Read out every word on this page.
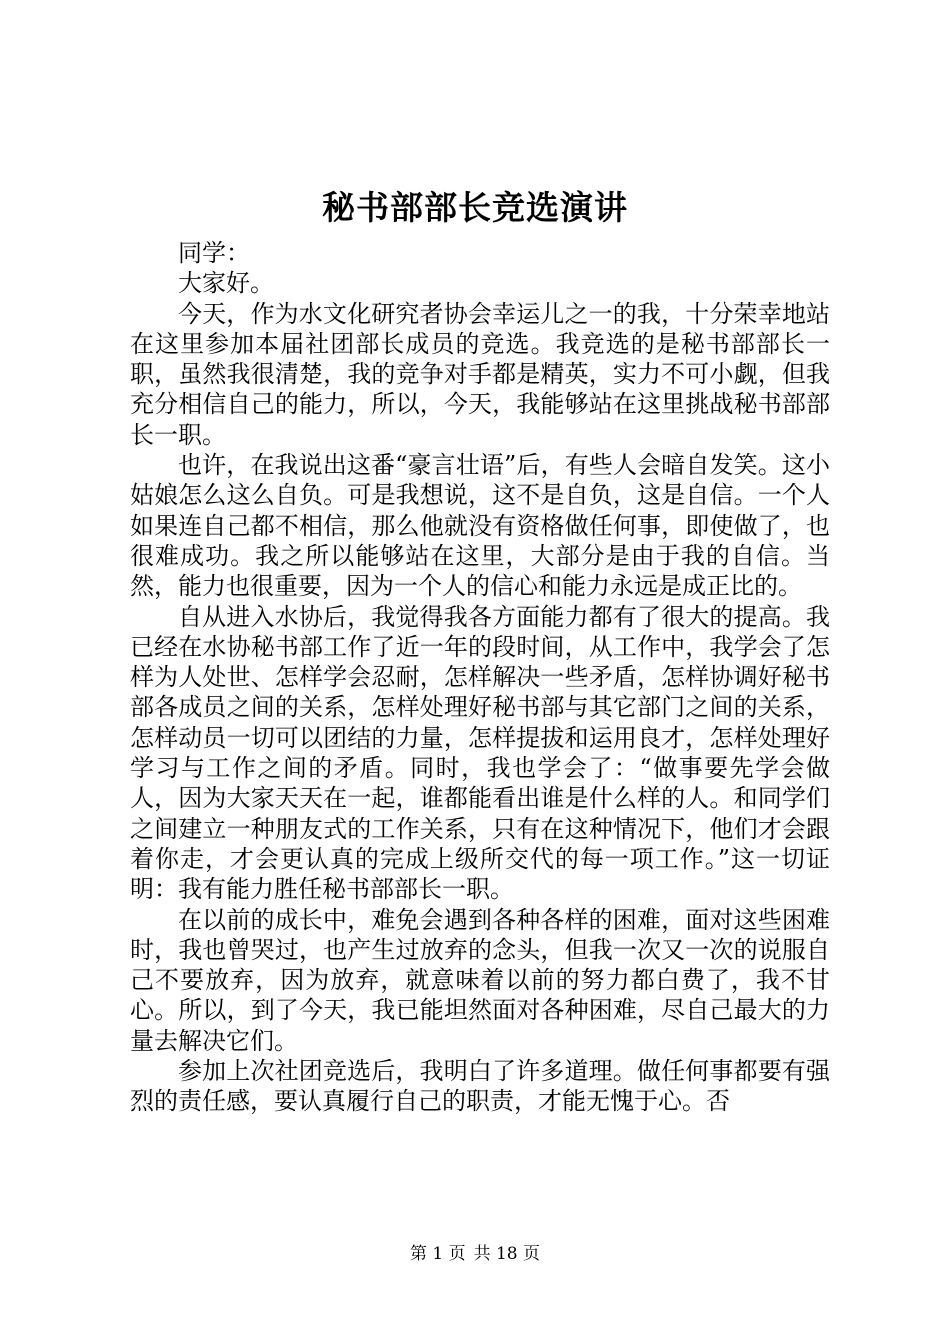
秘书部部长竞选演讲

同学：

大家好。

今天，作为水文化研究者协会幸运儿之一的我，十分荣幸地站在这里参加本届社团部长成员的竞选。我竞选的是秘书部部长一职，虽然我很清楚，我的竞争对手都是精英，实力不可小觑，但我充分相信自己的能力，所以，今天，我能够站在这里挑战秘书部部长一职。

也许，在我说出这番“豪言壮语”后，有些人会暗自发笑。这小姑娘怎么这么自负。可是我想说，这不是自负，这是自信。一个人如果连自己都不相信，那么他就没有资格做任何事，即使做了，也很难成功。我之所以能够站在这里，大部分是由于我的自信。当然，能力也很重要，因为一个人的信心和能力永远是成正比的。

自从进入水协后，我觉得我各方面能力都有了很大的提高。我已经在水协秘书部工作了近一年的段时间，从工作中，我学会了怎样为人处世、怎样学会忍耐，怎样解决一些矛盾，怎样协调好秘书部各成员之间的关系，怎样处理好秘书部与其它部门之间的关系，怎样动员一切可以团结的力量，怎样提拔和运用良才，怎样处理好学习与工作之间的矛盾。同时，我也学会了：“做事要先学会做人，因为大家天天在一起，谁都能看出谁是什么样的人。和同学们之间建立一种朋友式的工作关系，只有在这种情况下，他们才会跟着你走，才会更认真的完成上级所交代的每一项工作。”这一切证明：我有能力胜任秘书部部长一职。

在以前的成长中，难免会遇到各种各样的困难，面对这些困难时，我也曾哭过，也产生过放弃的念头，但我一次又一次的说服自己不要放弃，因为放弃，就意味着以前的努力都白费了，我不甘心。所以，到了今天，我已能坦然面对各种困难，尽自己最大的力量去解决它们。

参加上次社团竞选后，我明白了许多道理。做任何事都要有强烈的责任感，要认真履行自己的职责，才能无愧于心。否

第 1 页 共 18 页
